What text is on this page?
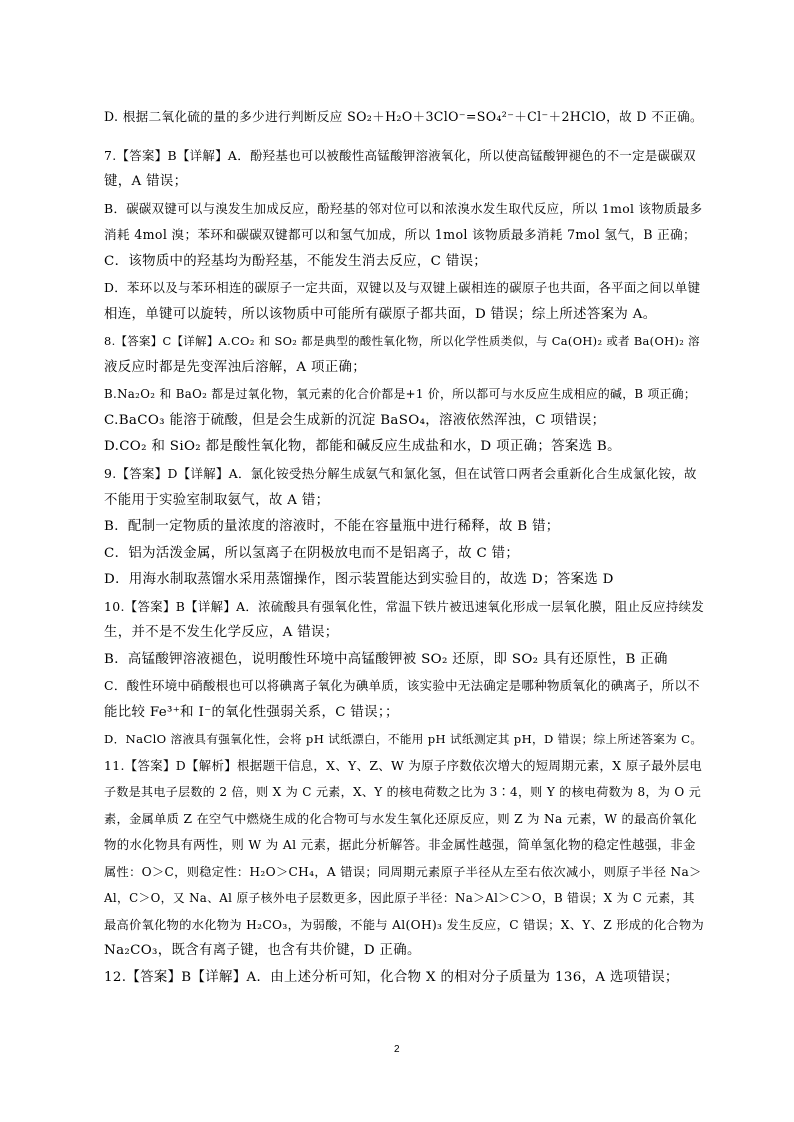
D. 根据二氧化硫的量的多少进行判断反应 SO₂＋H₂O＋3ClO⁻=SO₄²⁻＋Cl⁻＋2HClO，故 D 不正确。
7.【答案】B【详解】A．酚羟基也可以被酸性高锰酸钾溶液氧化，所以使高锰酸钾褪色的不一定是碳碳双
键，A 错误；
B．碳碳双键可以与溴发生加成反应，酚羟基的邻对位可以和浓溴水发生取代反应，所以 1mol 该物质最多
消耗 4mol 溴；苯环和碳碳双键都可以和氢气加成，所以 1mol 该物质最多消耗 7mol 氢气，B 正确；
C．该物质中的羟基均为酚羟基，不能发生消去反应，C 错误；
D．苯环以及与苯环相连的碳原子一定共面，双键以及与双键上碳相连的碳原子也共面，各平面之间以单键
相连，单键可以旋转，所以该物质中可能所有碳原子都共面，D 错误；综上所述答案为 A。
8.【答案】C【详解】A.CO₂ 和 SO₂ 都是典型的酸性氧化物，所以化学性质类似，与 Ca(OH)₂ 或者 Ba(OH)₂ 溶
液反应时都是先变浑浊后溶解，A 项正确；
B.Na₂O₂ 和 BaO₂ 都是过氧化物，氧元素的化合价都是+1 价，所以都可与水反应生成相应的碱，B 项正确；
C.BaCO₃ 能溶于硫酸，但是会生成新的沉淀 BaSO₄，溶液依然浑浊，C 项错误；
D.CO₂ 和 SiO₂ 都是酸性氧化物，都能和碱反应生成盐和水，D 项正确；答案选 B。
9.【答案】D【详解】A．氯化铵受热分解生成氨气和氯化氢，但在试管口两者会重新化合生成氯化铵，故
不能用于实验室制取氨气，故 A 错；
B．配制一定物质的量浓度的溶液时，不能在容量瓶中进行稀释，故 B 错；
C．铝为活泼金属，所以氢离子在阴极放电而不是铝离子，故 C 错；
D．用海水制取蒸馏水采用蒸馏操作，图示装置能达到实验目的，故选 D；答案选 D
10.【答案】B【详解】A．浓硫酸具有强氧化性，常温下铁片被迅速氧化形成一层氧化膜，阻止反应持续发
生，并不是不发生化学反应，A 错误；
B．高锰酸钾溶液褪色，说明酸性环境中高锰酸钾被 SO₂ 还原，即 SO₂ 具有还原性，B 正确
C．酸性环境中硝酸根也可以将碘离子氧化为碘单质，该实验中无法确定是哪种物质氧化的碘离子，所以不
能比较 Fe³⁺和 I⁻的氧化性强弱关系，C 错误；；
D．NaClO 溶液具有强氧化性，会将 pH 试纸漂白，不能用 pH 试纸测定其 pH，D 错误；综上所述答案为 C。
11.【答案】D【解析】根据题干信息，X、Y、Z、W 为原子序数依次增大的短周期元素，X 原子最外层电
子数是其电子层数的 2 倍，则 X 为 C 元素，X、Y 的核电荷数之比为 3∶4，则 Y 的核电荷数为 8，为 O 元
素，金属单质 Z 在空气中燃烧生成的化合物可与水发生氧化还原反应，则 Z 为 Na 元素，W 的最高价氧化
物的水化物具有两性，则 W 为 Al 元素，据此分析解答。非金属性越强，简单氢化物的稳定性越强，非金
属性：O＞C，则稳定性：H₂O＞CH₄，A 错误；同周期元素原子半径从左至右依次减小，则原子半径 Na＞
Al，C＞O，又 Na、Al 原子核外电子层数更多，因此原子半径：Na＞Al＞C＞O，B 错误；X 为 C 元素，其
最高价氧化物的水化物为 H₂CO₃，为弱酸，不能与 Al(OH)₃ 发生反应，C 错误；X、Y、Z 形成的化合物为
Na₂CO₃，既含有离子键，也含有共价键，D 正确。
12.【答案】B【详解】A．由上述分析可知，化合物 X 的相对分子质量为 136，A 选项错误；
2
